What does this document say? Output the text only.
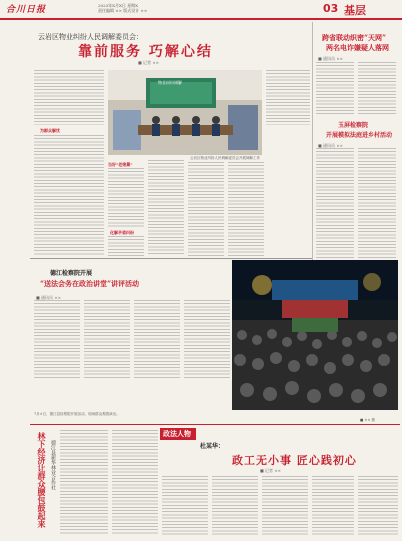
合川日报	2023年X月X日 星期X
责任编辑 ×× 版式设计 ××	03 基层
云岩区物业纠纷人民调解委员会：
靠前服务 巧解心结
■ 记者 ××
为群众解忧
物业纠纷调解
云岩区物业纠纷人民调解委员会开展调解工作
当好“老娘舅”
化解矛盾纠纷
跨省联动织密“天网”
两名电诈嫌疑人落网
■ 通讯员 ××
玉屏检察院
开展模拟法庭进乡村活动
■ 通讯员 ××
德江检察院开展
“送法会务在政治讲堂”讲评活动
■ 通讯员 ××
7月×日，德江县检察院开展活动，现场群众观看演出。
■ ×× 摄
林下经济让群众腰包鼓起来 德江县新华林业合作社
政法人物
杜某华：
政工无小事 匠心践初心
■ 记者 ××
